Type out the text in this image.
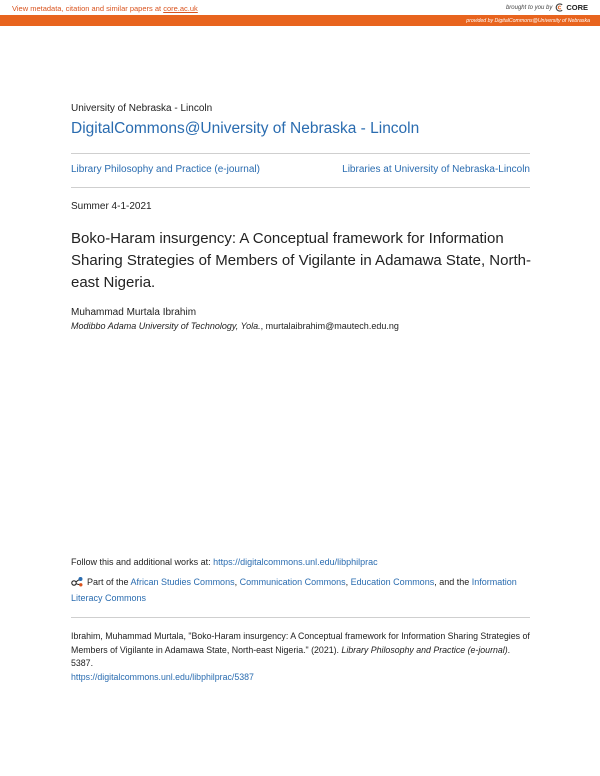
View metadata, citation and similar papers at core.ac.uk	brought to you by CORE
provided by DigitalCommons@University of Nebraska
University of Nebraska - Lincoln
DigitalCommons@University of Nebraska - Lincoln
Library Philosophy and Practice (e-journal)	Libraries at University of Nebraska-Lincoln
Summer 4-1-2021
Boko-Haram insurgency: A Conceptual framework for Information Sharing Strategies of Members of Vigilante in Adamawa State, North-east Nigeria.
Muhammad Murtala Ibrahim
Modibbo Adama University of Technology, Yola., murtalaibrahim@mautech.edu.ng
Follow this and additional works at: https://digitalcommons.unl.edu/libphilprac
Part of the African Studies Commons, Communication Commons, Education Commons, and the Information Literacy Commons
Ibrahim, Muhammad Murtala, "Boko-Haram insurgency: A Conceptual framework for Information Sharing Strategies of Members of Vigilante in Adamawa State, North-east Nigeria." (2021). Library Philosophy and Practice (e-journal). 5387.
https://digitalcommons.unl.edu/libphilprac/5387
